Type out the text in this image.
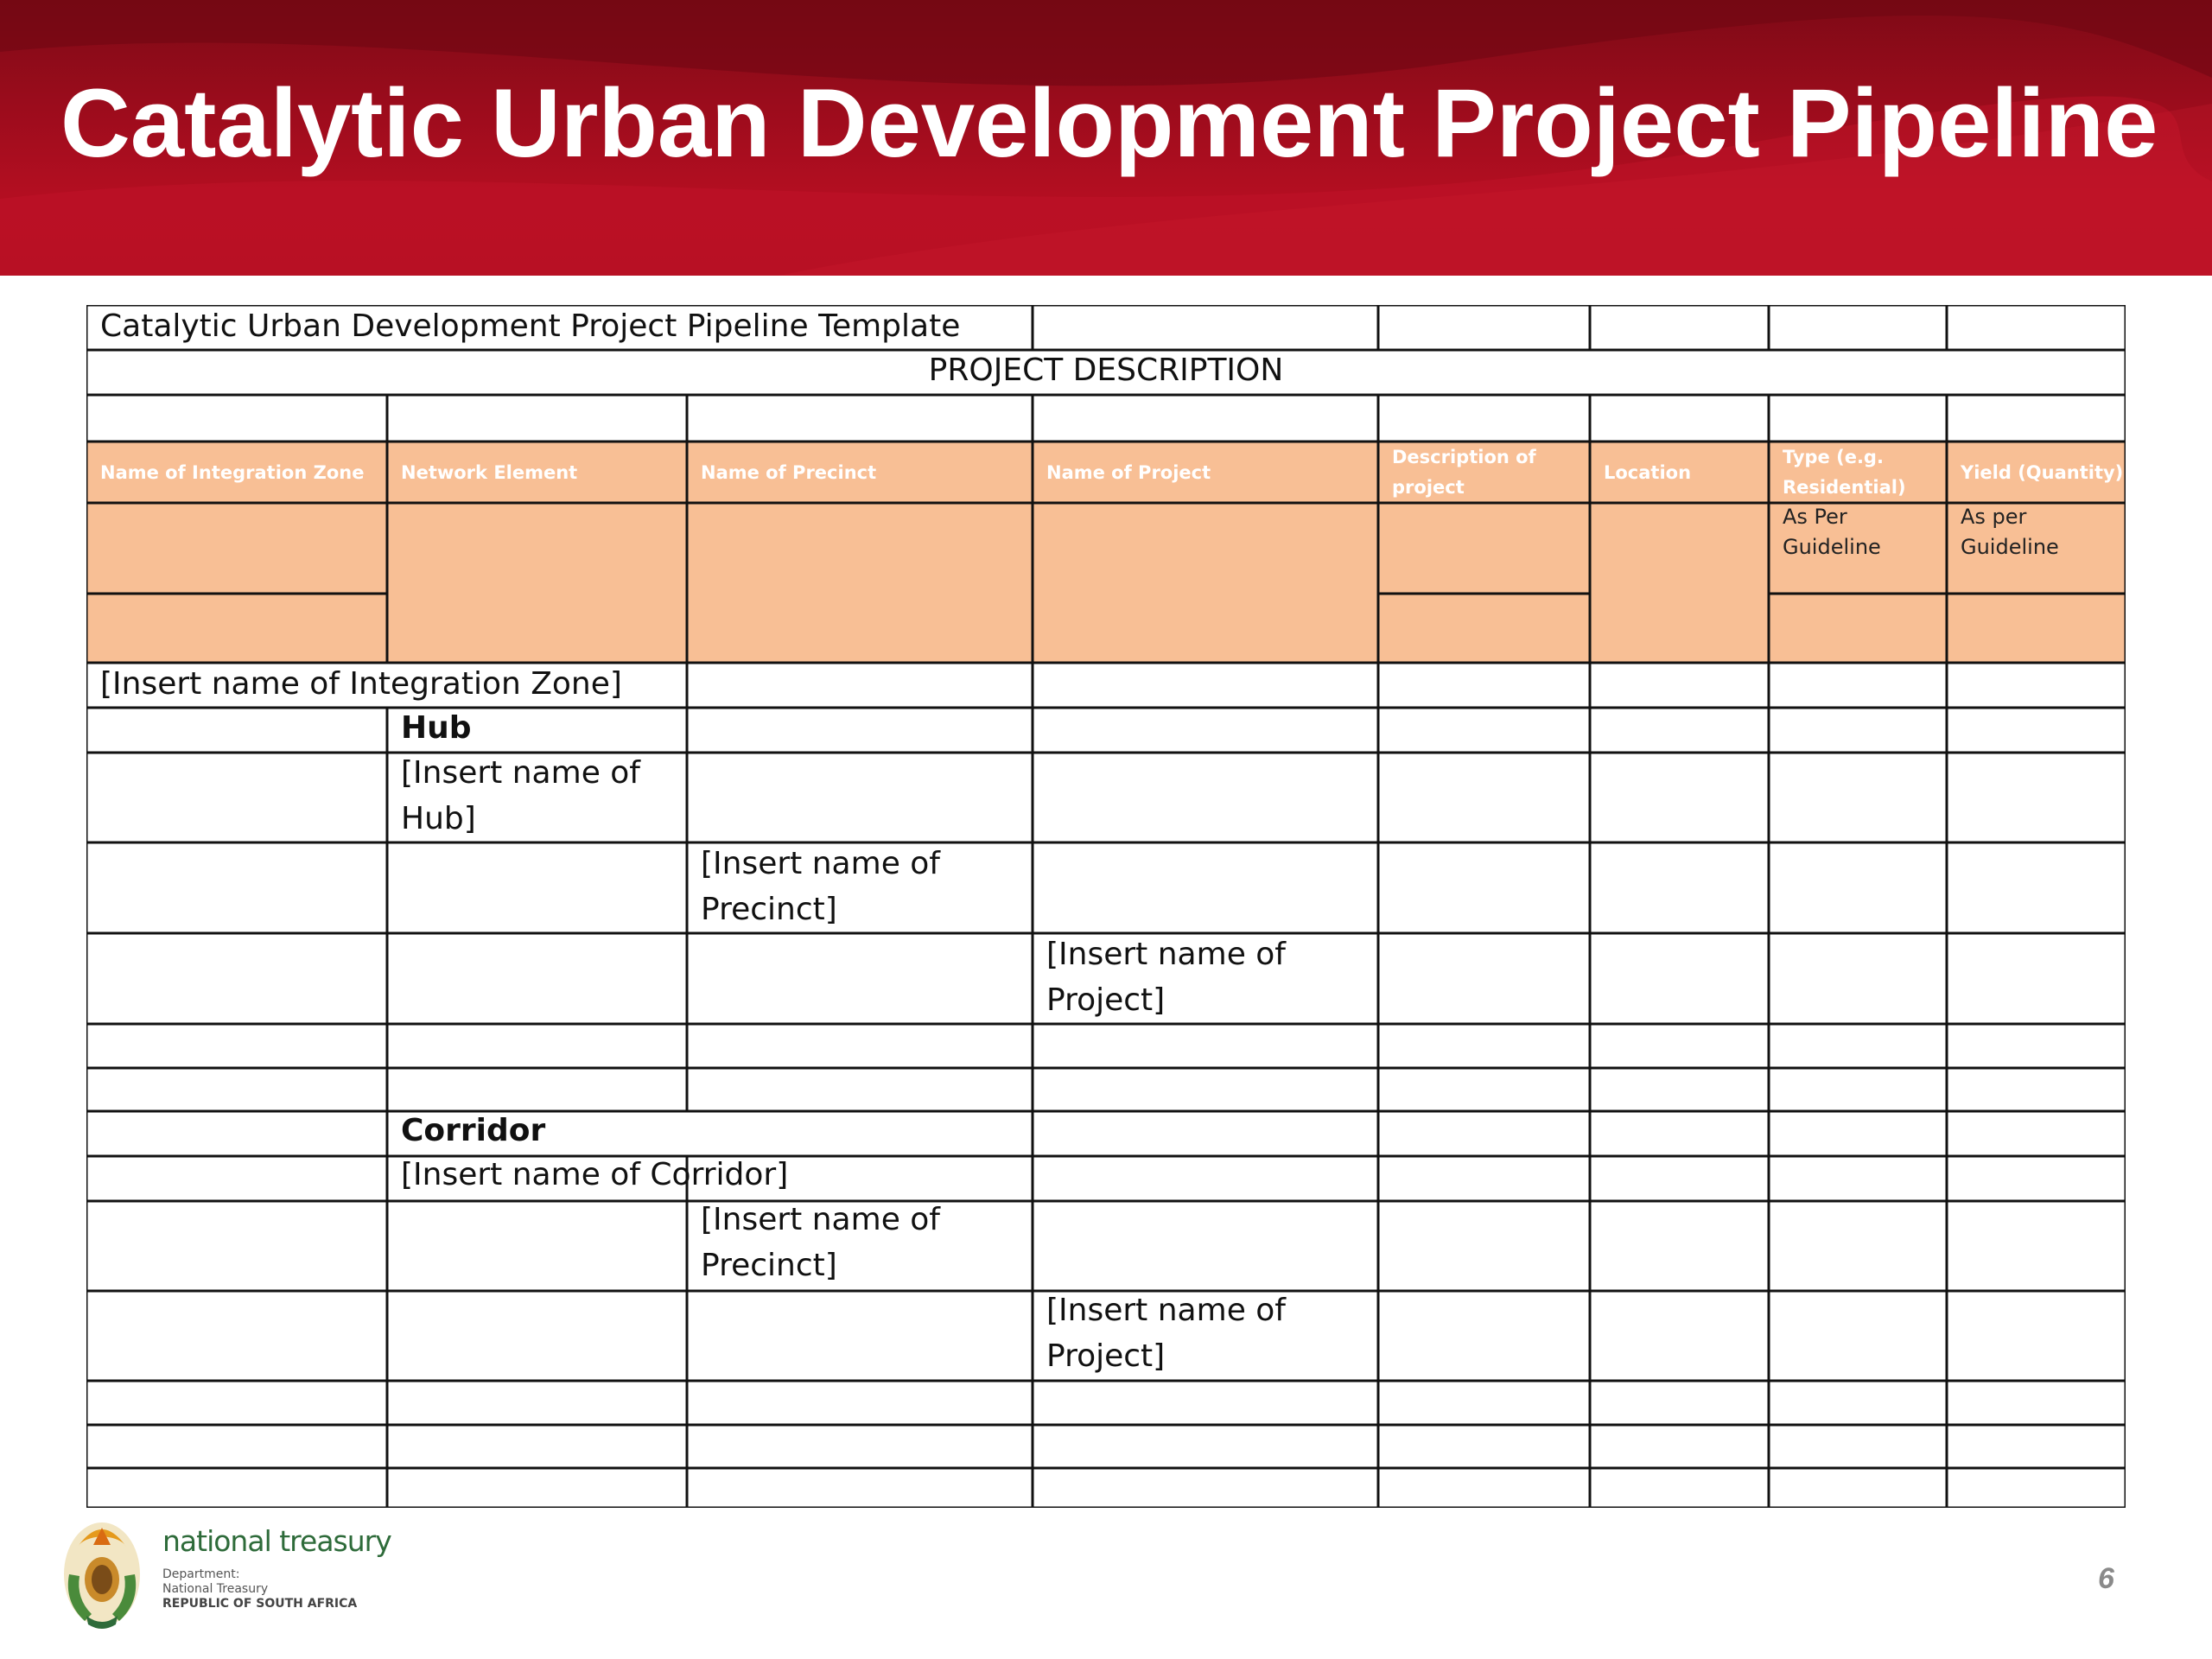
Catalytic Urban Development Project Pipeline
Catalytic Urban Development Project Pipeline Template
PROJECT DESCRIPTION
Name of Integration Zone Network Element	Name of Precinct	Name of Project
Description of
project
Location
Type (e.g.
Residential)
Yield (Quantity)
As Per
Guideline
As per
Guideline
[Insert name of Integration Zone]
Hub
[Insert name of
Hub]
[Insert name of
Precinct]
[Insert name of
Project]
Corridor
[Insert name of Corridor]
[Insert name of
Precinct]
[Insert name of
Project]
national treasury
Department:
National Treasury
REPUBLIC OF SOUTH AFRICA
6
